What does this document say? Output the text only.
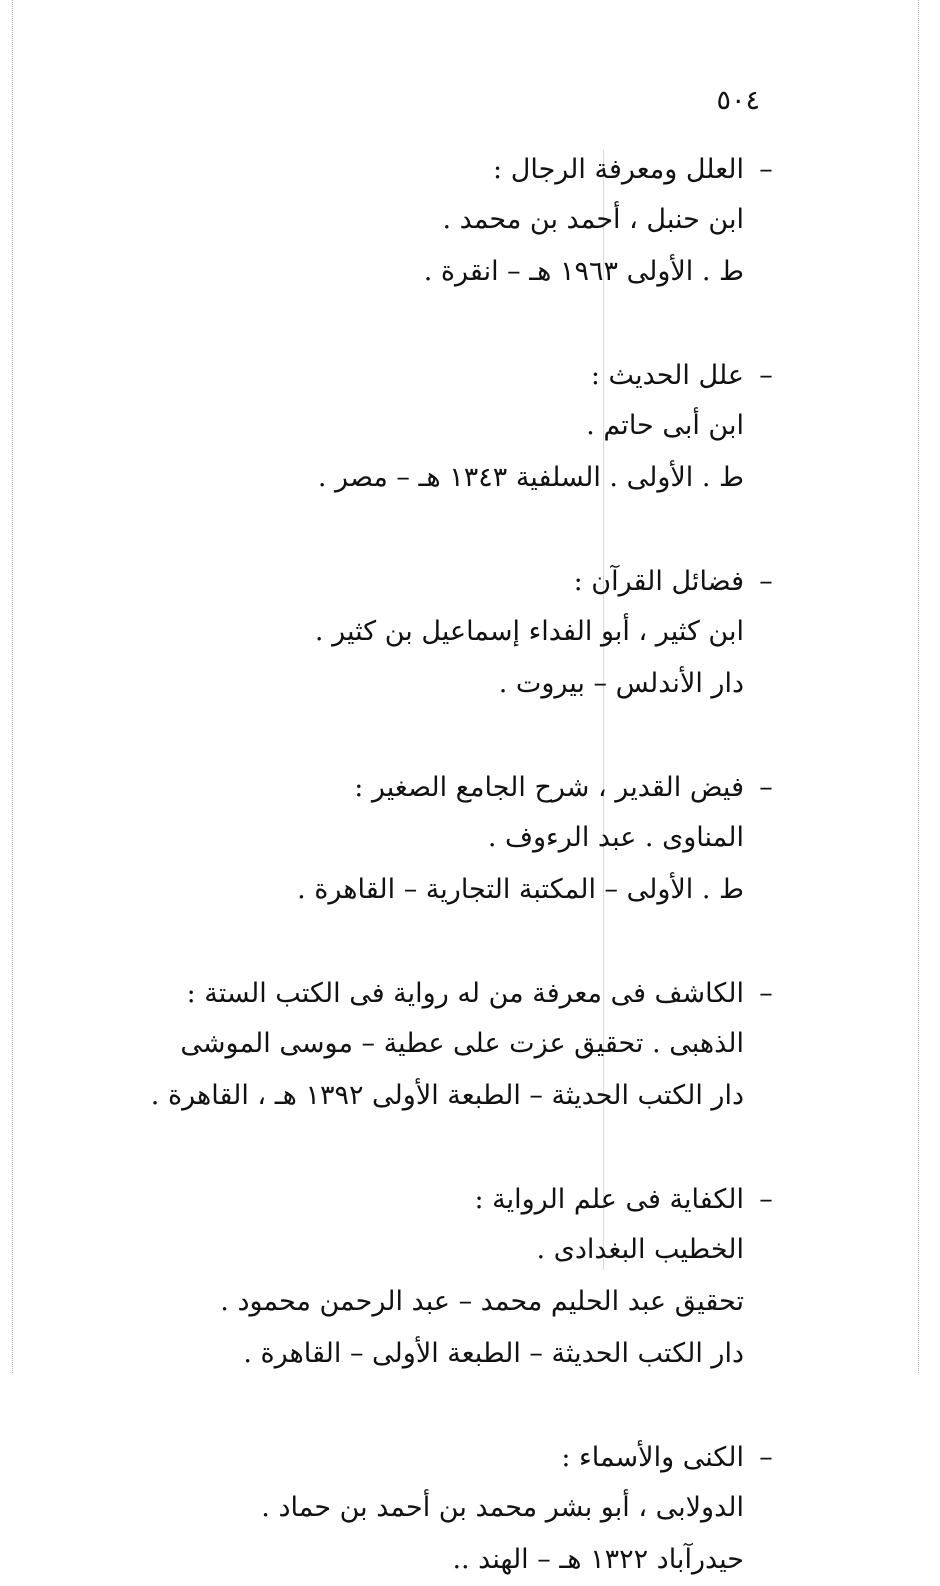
٥٠٤
–العلل ومعرفة الرجال :
ابن حنبل ، أحمد بن محمد .
ط . الأولى ١٩٦٣ هـ – انقرة .
–علل الحديث :
ابن أبى حاتم .
ط . الأولى . السلفية ١٣٤٣ هـ – مصر .
–فضائل القرآن :
ابن كثير ، أبو الفداء إسماعيل بن كثير .
دار الأندلس – بيروت .
–فيض القدير ، شرح الجامع الصغير :
المناوى . عبد الرءوف .
ط . الأولى – المكتبة التجارية – القاهرة .
–الكاشف فى معرفة من له رواية فى الكتب الستة :
الذهبى . تحقيق عزت على عطية – موسى الموشى
دار الكتب الحديثة – الطبعة الأولى ١٣٩٢ هـ ، القاهرة .
–الكفاية فى علم الرواية :
الخطيب البغدادى .
تحقيق عبد الحليم محمد – عبد الرحمن محمود .
دار الكتب الحديثة – الطبعة الأولى – القاهرة .
–الكنى والأسماء :
الدولابى ، أبو بشر محمد بن أحمد بن حماد .
حيدرآباد ١٣٢٢ هـ – الهند ..
